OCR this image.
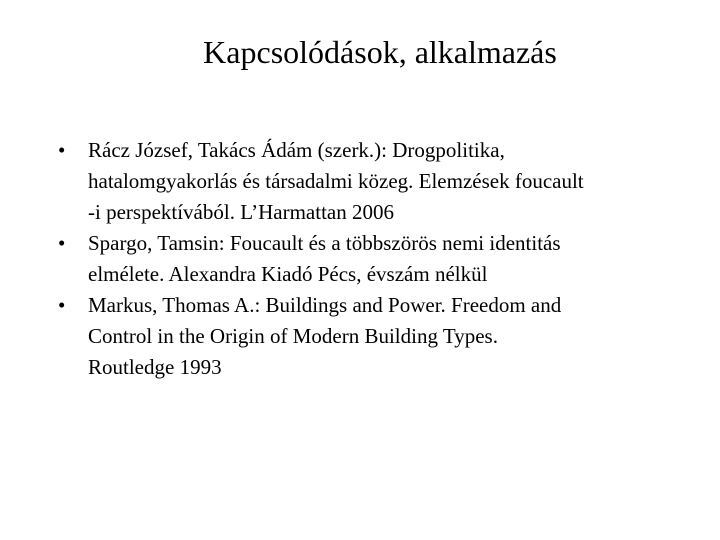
Kapcsolódások, alkalmazás
•	Rácz József, Takács Ádám (szerk.): Drogpolitika,
hatalomgyakorlás és társadalmi közeg. Elemzések foucault
-i perspektívából. L’Harmattan 2006
•	Spargo, Tamsin: Foucault és a többszörös nemi identitás
elmélete. Alexandra Kiadó Pécs, évszám nélkül
•	Markus, Thomas A.: Buildings and Power. Freedom and
Control in the Origin of Modern Building Types.
Routledge 1993
